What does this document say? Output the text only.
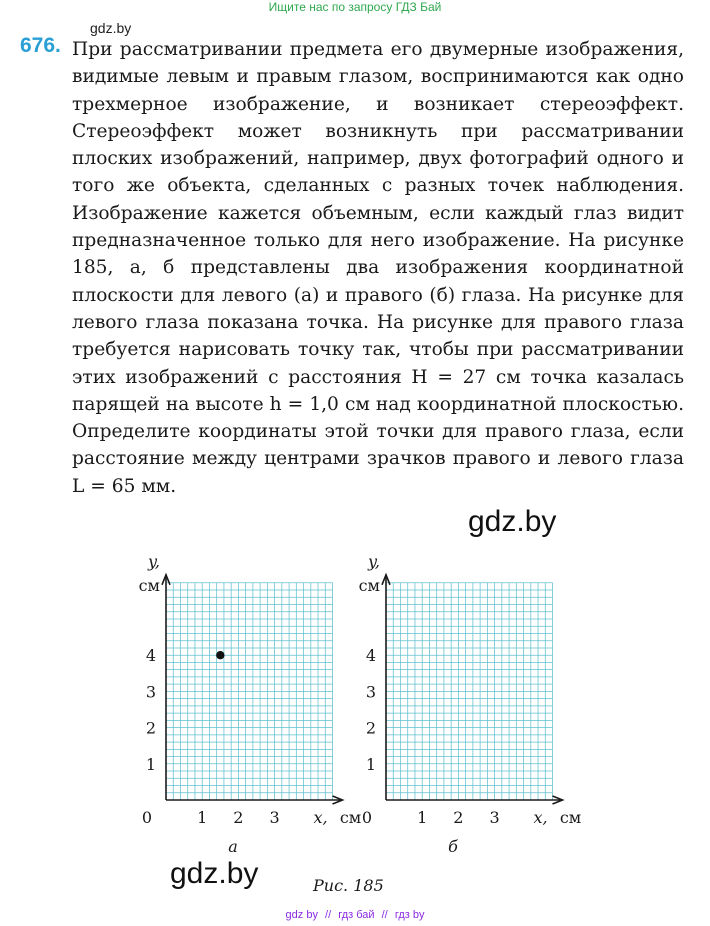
Ищите нас по запросу ГДЗ Бай
gdz.by
676. При рассматривании предмета его двумерные изображения, видимые левым и правым глазом, воспринимаются как одно трехмерное изображение, и возникает стереоэффект. Стереоэффект может возникнуть при рассматривании плоских изображений, например, двух фотографий одного и того же объекта, сделанных с разных точек наблюдения. Изображение кажется объемным, если каждый глаз видит предназначенное только для него изображение. На рисунке 185, а, б представлены два изображения координатной плоскости для левого (а) и правого (б) глаза. На рисунке для левого глаза показана точка. На рисунке для правого глаза требуется нарисовать точку так, чтобы при рассматривании этих изображений с расстояния H = 27 см точка казалась парящей на высоте h = 1,0 см над координатной плоскостью. Определите координаты этой точки для правого глаза, если расстояние между центрами зрачков правого и левого глаза L = 65 мм.
gdz.by
1 2 3
1
2
3
4
0
y,
см
x, см
а
1 2 3
1
2
3
4
0
y,
см
x, см
б
gdz.by	Рис. 185
gdz by // гдз бай // гдз by
